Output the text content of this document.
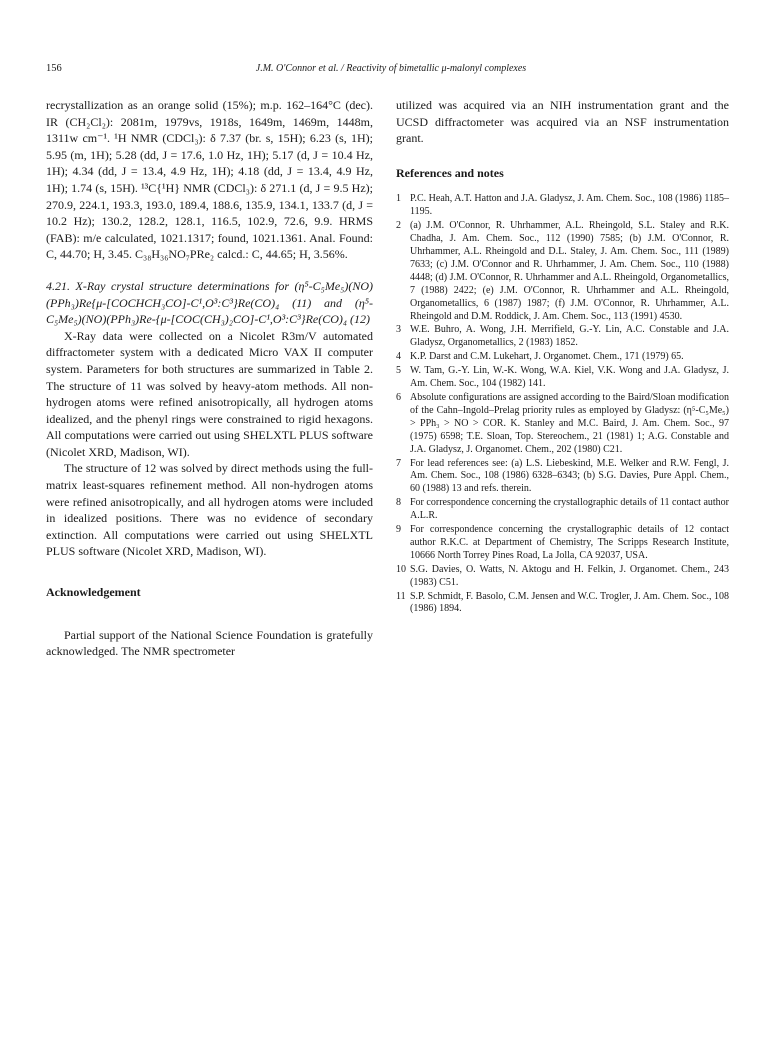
156	J.M. O'Connor et al. / Reactivity of bimetallic μ-malonyl complexes

recrystallization as an orange solid (15%); m.p. 162–164°C (dec). IR (CH₂Cl₂): 2081m, 1979vs, 1918s, 1649m, 1469m, 1448m, 1311w cm⁻¹. ¹H NMR (CDCl₃): δ 7.37 (br. s, 15H); 6.23 (s, 1H); 5.95 (m, 1H); 5.28 (dd, J = 17.6, 1.0 Hz, 1H); 5.17 (d, J = 10.4 Hz, 1H); 4.34 (dd, J = 13.4, 4.9 Hz, 1H); 4.18 (dd, J = 13.4, 4.9 Hz, 1H); 1.74 (s, 15H). ¹³C{¹H} NMR (CDCl₃): δ 271.1 (d, J = 9.5 Hz); 270.9, 224.1, 193.3, 193.0, 189.4, 188.6, 135.9, 134.1, 133.7 (d, J = 10.2 Hz); 130.2, 128.2, 128.1, 116.5, 102.9, 72.6, 9.9. HRMS (FAB): m/e calculated, 1021.1317; found, 1021.1361. Anal. Found: C, 44.70; H, 3.45. C₃₈H₃₆NO₇PRe₂ calcd.: C, 44.65; H, 3.56%.

4.21. X-Ray crystal structure determinations for (η⁵-C₅Me₅)(NO)(PPh₃)Re{μ-[COCHCH₃CO]-C¹,O³:C³}Re(CO)₄ (11) and (η⁵-C₅Me₅)(NO)(PPh₃)Re-{μ-[COC(CH₃)₂CO]-C¹,O³:C³}Re(CO)₄ (12)

X-Ray data were collected on a Nicolet R3m/V automated diffractometer system with a dedicated Micro VAX II computer system. Parameters for both structures are summarized in Table 2. The structure of 11 was solved by heavy-atom methods. All non-hydrogen atoms were refined anisotropically, all hydrogen atoms idealized, and the phenyl rings were constrained to rigid hexagons. All computations were carried out using SHELXTL PLUS software (Nicolet XRD, Madison, WI).

The structure of 12 was solved by direct methods using the full-matrix least-squares refinement method. All non-hydrogen atoms were refined anisotropically, and all hydrogen atoms were included in idealized positions. There was no evidence of secondary extinction. All computations were carried out using SHELXTL PLUS software (Nicolet XRD, Madison, WI).

Acknowledgement

Partial support of the National Science Foundation is gratefully acknowledged. The NMR spectrometer

utilized was acquired via an NIH instrumentation grant and the UCSD diffractometer was acquired via an NSF instrumentation grant.

References and notes

1 P.C. Heah, A.T. Hatton and J.A. Gladysz, J. Am. Chem. Soc., 108 (1986) 1185–1195.
2 (a) J.M. O'Connor, R. Uhrhammer, A.L. Rheingold, S.L. Staley and R.K. Chadha, J. Am. Chem. Soc., 112 (1990) 7585; (b) J.M. O'Connor, R. Uhrhammer, A.L. Rheingold and D.L. Staley, J. Am. Chem. Soc., 111 (1989) 7633; (c) J.M. O'Connor and R. Uhrhammer, J. Am. Chem. Soc., 110 (1988) 4448; (d) J.M. O'Connor, R. Uhrhammer and A.L. Rheingold, Organometallics, 7 (1988) 2422; (e) J.M. O'Connor, R. Uhrhammer and A.L. Rheingold, Organometallics, 6 (1987) 1987; (f) J.M. O'Connor, R. Uhrhammer, A.L. Rheingold and D.M. Roddick, J. Am. Chem. Soc., 113 (1991) 4530.
3 W.E. Buhro, A. Wong, J.H. Merrifield, G.-Y. Lin, A.C. Constable and J.A. Gladysz, Organometallics, 2 (1983) 1852.
4 K.P. Darst and C.M. Lukehart, J. Organomet. Chem., 171 (1979) 65.
5 W. Tam, G.-Y. Lin, W.-K. Wong, W.A. Kiel, V.K. Wong and J.A. Gladysz, J. Am. Chem. Soc., 104 (1982) 141.
6 Absolute configurations are assigned according to the Baird/Sloan modification of the Cahn–Ingold–Prelag priority rules as employed by Gladysz: (η⁵-C₅Me₅) > PPh₃ > NO > COR. K. Stanley and M.C. Baird, J. Am. Chem. Soc., 97 (1975) 6598; T.E. Sloan, Top. Stereochem., 21 (1981) 1; A.G. Constable and J.A. Gladysz, J. Organomet. Chem., 202 (1980) C21.
7 For lead references see: (a) L.S. Liebeskind, M.E. Welker and R.W. Fengl, J. Am. Chem. Soc., 108 (1986) 6328–6343; (b) S.G. Davies, Pure Appl. Chem., 60 (1988) 13 and refs. therein.
8 For correspondence concerning the crystallographic details of 11 contact author A.L.R.
9 For correspondence concerning the crystallographic details of 12 contact author R.K.C. at Department of Chemistry, The Scripps Research Institute, 10666 North Torrey Pines Road, La Jolla, CA 92037, USA.
10 S.G. Davies, O. Watts, N. Aktogu and H. Felkin, J. Organomet. Chem., 243 (1983) C51.
11 S.P. Schmidt, F. Basolo, C.M. Jensen and W.C. Trogler, J. Am. Chem. Soc., 108 (1986) 1894.
